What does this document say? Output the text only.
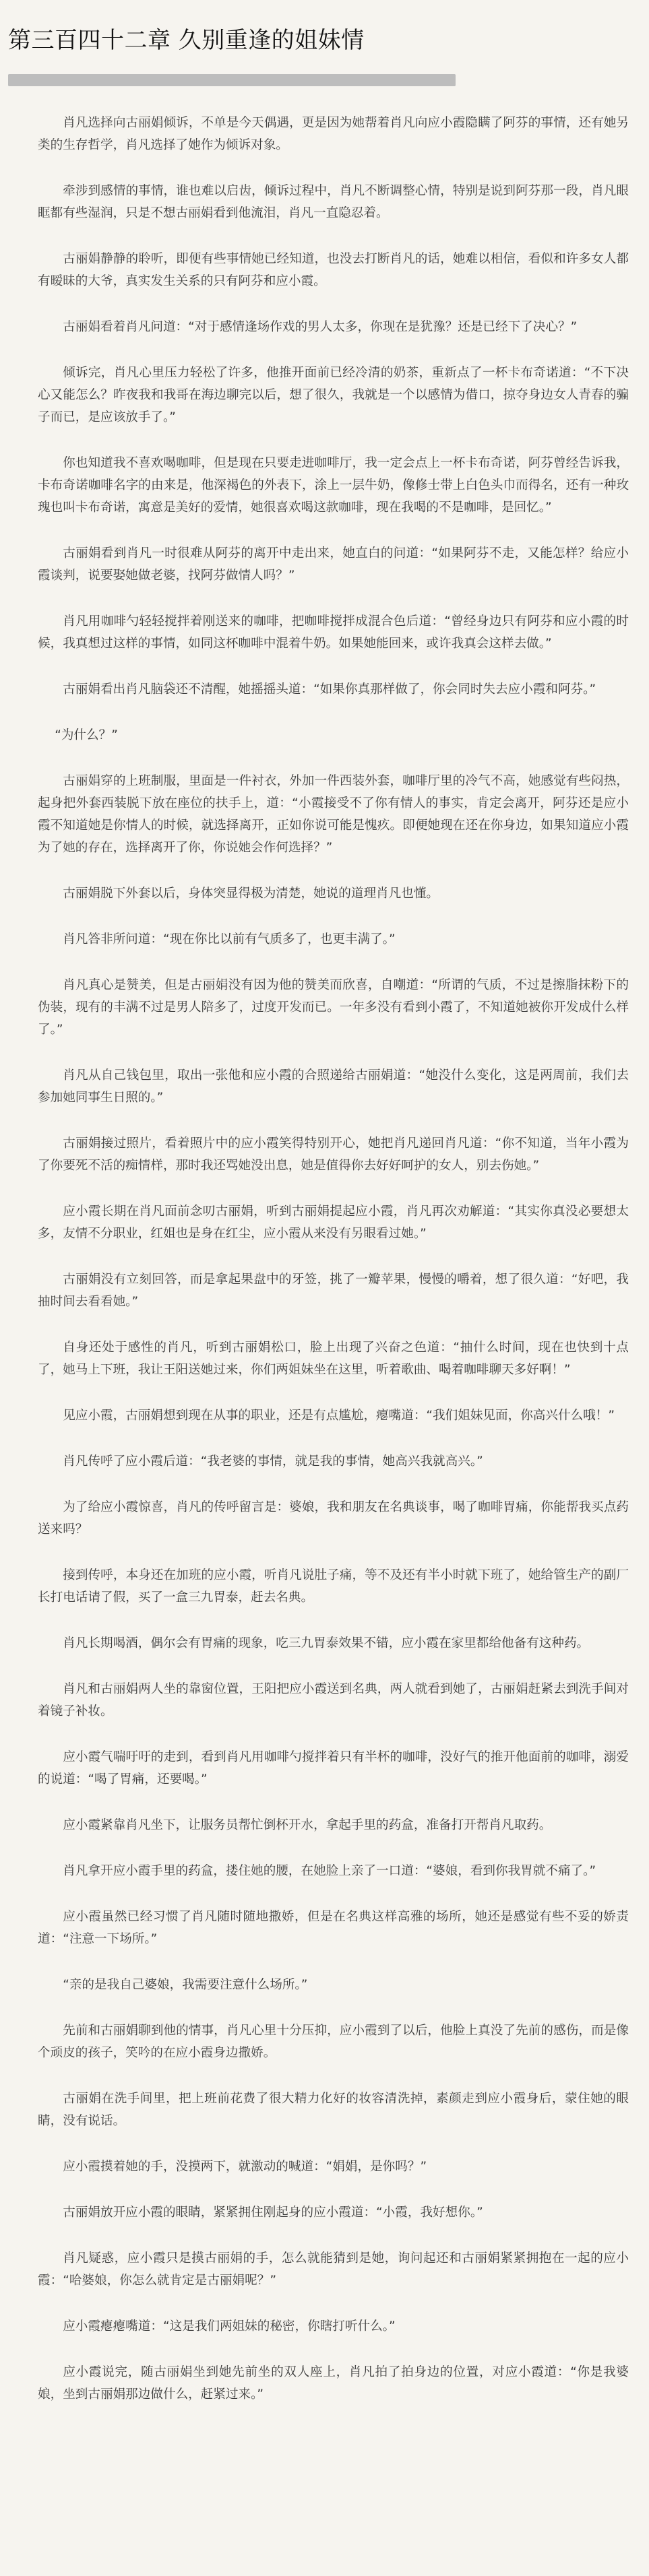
第三百四十二章 久别重逢的姐妹情

肖凡选择向古丽娟倾诉，不单是今天偶遇，更是因为她帮着肖凡向应小霞隐瞒了阿芬的事情，还有她另类的生存哲学，肖凡选择了她作为倾诉对象。

牵涉到感情的事情，谁也难以启齿，倾诉过程中，肖凡不断调整心情，特别是说到阿芬那一段，肖凡眼眶都有些湿润，只是不想古丽娟看到他流泪，肖凡一直隐忍着。

古丽娟静静的聆听，即便有些事情她已经知道，也没去打断肖凡的话，她难以相信，看似和许多女人都有暧昧的大爷，真实发生关系的只有阿芬和应小霞。

古丽娟看着肖凡问道：“对于感情逢场作戏的男人太多，你现在是犹豫？还是已经下了决心？”

倾诉完，肖凡心里压力轻松了许多，他推开面前已经冷清的奶茶，重新点了一杯卡布奇诺道：“不下决心又能怎么？昨夜我和我哥在海边聊完以后，想了很久，我就是一个以感情为借口，掠夺身边女人青春的骗子而已，是应该放手了。”

你也知道我不喜欢喝咖啡，但是现在只要走进咖啡厅，我一定会点上一杯卡布奇诺，阿芬曾经告诉我，卡布奇诺咖啡名字的由来是，他深褐色的外表下，涂上一层牛奶，像修士带上白色头巾而得名，还有一种玫瑰也叫卡布奇诺，寓意是美好的爱情，她很喜欢喝这款咖啡，现在我喝的不是咖啡，是回忆。”

古丽娟看到肖凡一时很难从阿芬的离开中走出来，她直白的问道：“如果阿芬不走，又能怎样？给应小霞谈判，说要娶她做老婆，找阿芬做情人吗？”

肖凡用咖啡勺轻轻搅拌着刚送来的咖啡，把咖啡搅拌成混合色后道：“曾经身边只有阿芬和应小霞的时候，我真想过这样的事情，如同这杯咖啡中混着牛奶。如果她能回来，或许我真会这样去做。”

古丽娟看出肖凡脑袋还不清醒，她摇摇头道：“如果你真那样做了，你会同时失去应小霞和阿芬。”

“为什么？”

古丽娟穿的上班制服，里面是一件衬衣，外加一件西装外套，咖啡厅里的冷气不高，她感觉有些闷热，起身把外套西装脱下放在座位的扶手上，道：“小霞接受不了你有情人的事实，肯定会离开，阿芬还是应小霞不知道她是你情人的时候，就选择离开，正如你说可能是愧疚。即便她现在还在你身边，如果知道应小霞为了她的存在，选择离开了你，你说她会作何选择？”

古丽娟脱下外套以后，身体突显得极为清楚，她说的道理肖凡也懂。

肖凡答非所问道：“现在你比以前有气质多了，也更丰满了。”

肖凡真心是赞美，但是古丽娟没有因为他的赞美而欣喜，自嘲道：“所谓的气质，不过是擦脂抹粉下的伪装，现有的丰满不过是男人陪多了，过度开发而已。一年多没有看到小霞了，不知道她被你开发成什么样了。”

肖凡从自己钱包里，取出一张他和应小霞的合照递给古丽娟道：“她没什么变化，这是两周前，我们去参加她同事生日照的。”

古丽娟接过照片，看着照片中的应小霞笑得特别开心，她把肖凡递回肖凡道：“你不知道，当年小霞为了你要死不活的痴情样，那时我还骂她没出息，她是值得你去好好呵护的女人，别去伤她。”

应小霞长期在肖凡面前念叨古丽娟，听到古丽娟提起应小霞，肖凡再次劝解道：“其实你真没必要想太多，友情不分职业，红姐也是身在红尘，应小霞从来没有另眼看过她。”

古丽娟没有立刻回答，而是拿起果盘中的牙签，挑了一瓣苹果，慢慢的嚼着，想了很久道：“好吧，我抽时间去看看她。”

自身还处于感性的肖凡，听到古丽娟松口，脸上出现了兴奋之色道：“抽什么时间，现在也快到十点了，她马上下班，我让王阳送她过来，你们两姐妹坐在这里，听着歌曲、喝着咖啡聊天多好啊！”

见应小霞，古丽娟想到现在从事的职业，还是有点尴尬，瘪嘴道：“我们姐妹见面，你高兴什么哦！”

肖凡传呼了应小霞后道：“我老婆的事情，就是我的事情，她高兴我就高兴。”

为了给应小霞惊喜，肖凡的传呼留言是：婆娘，我和朋友在名典谈事，喝了咖啡胃痛，你能帮我买点药送来吗？

接到传呼，本身还在加班的应小霞，听肖凡说肚子痛，等不及还有半小时就下班了，她给管生产的副厂长打电话请了假，买了一盒三九胃泰，赶去名典。

肖凡长期喝酒，偶尔会有胃痛的现象，吃三九胃泰效果不错，应小霞在家里都给他备有这种药。

肖凡和古丽娟两人坐的靠窗位置，王阳把应小霞送到名典，两人就看到她了，古丽娟赶紧去到洗手间对着镜子补妆。

应小霞气喘吁吁的走到，看到肖凡用咖啡勺搅拌着只有半杯的咖啡，没好气的推开他面前的咖啡，溺爱的说道：“喝了胃痛，还要喝。”

应小霞紧靠肖凡坐下，让服务员帮忙倒杯开水，拿起手里的药盒，准备打开帮肖凡取药。

肖凡拿开应小霞手里的药盒，搂住她的腰，在她脸上亲了一口道：“婆娘，看到你我胃就不痛了。”

应小霞虽然已经习惯了肖凡随时随地撒娇，但是在名典这样高雅的场所，她还是感觉有些不妥的娇责道：“注意一下场所。”

“亲的是我自己婆娘，我需要注意什么场所。”

先前和古丽娟聊到他的情事，肖凡心里十分压抑，应小霞到了以后，他脸上真没了先前的感伤，而是像个顽皮的孩子，笑吟的在应小霞身边撒娇。

古丽娟在洗手间里，把上班前花费了很大精力化好的妆容清洗掉，素颜走到应小霞身后，蒙住她的眼睛，没有说话。

应小霞摸着她的手，没摸两下，就激动的喊道：“娟娟，是你吗？”

古丽娟放开应小霞的眼睛，紧紧拥住刚起身的应小霞道：“小霞，我好想你。”

肖凡疑惑，应小霞只是摸古丽娟的手，怎么就能猜到是她，询问起还和古丽娟紧紧拥抱在一起的应小霞：“哈婆娘，你怎么就肯定是古丽娟呢？”

应小霞瘪瘪嘴道：“这是我们两姐妹的秘密，你瞎打听什么。”

应小霞说完，随古丽娟坐到她先前坐的双人座上，肖凡拍了拍身边的位置，对应小霞道：“你是我婆娘，坐到古丽娟那边做什么，赶紧过来。”
